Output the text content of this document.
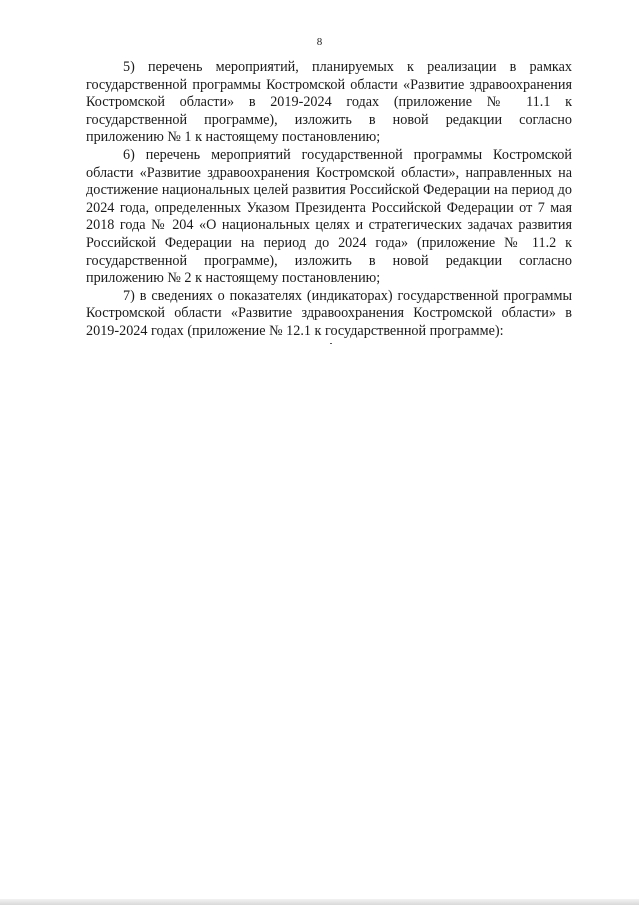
8

5) перечень мероприятий, планируемых к реализации в рамках государственной программы Костромской области «Развитие здравоохранения Костромской области» в 2019-2024 годах (приложение № 11.1 к государственной программе), изложить в новой редакции согласно приложению № 1 к настоящему постановлению;

6) перечень мероприятий государственной программы Костромской области «Развитие здравоохранения Костромской области», направленных на достижение национальных целей развития Российской Федерации на период до 2024 года, определенных Указом Президента Российской Федерации от 7 мая 2018 года № 204 «О национальных целях и стратегических задачах развития Российской Федерации на период до 2024 года» (приложение № 11.2 к государственной программе), изложить в новой редакции согласно приложению № 2 к настоящему постановлению;

7) в сведениях о показателях (индикаторах) государственной программы Костромской области «Развитие здравоохранения Костромской области» в 2019-2024 годах (приложение № 12.1 к государственной программе):
